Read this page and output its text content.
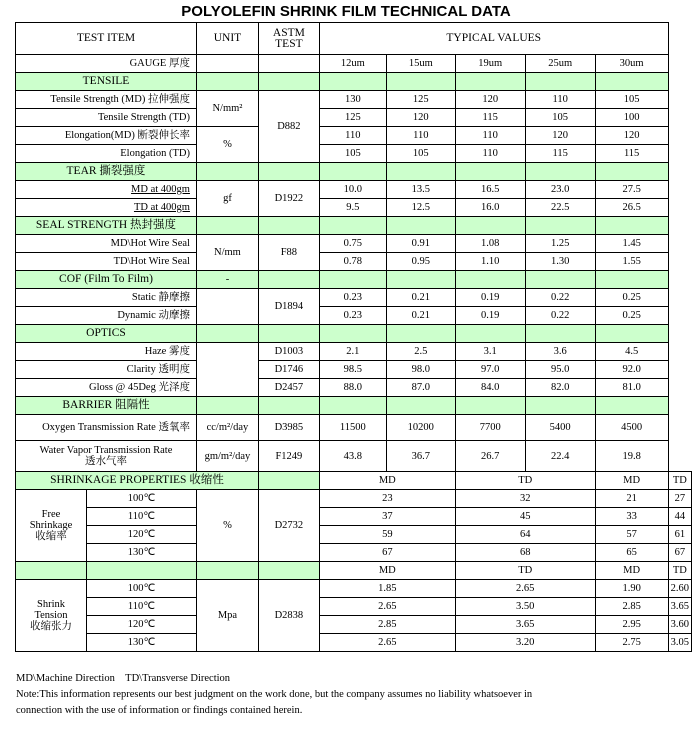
POLYOLEFIN SHRINK FILM TECHNICAL DATA
TEST ITEM		UNIT	ASTM
TEST	TYPICAL VALUES					
GAUGE 厚度				12um	15um	19um	25um	30um	
TENSILE									
Tensile Strength (MD) 拉伸强度		N/mm²	D882	130	125	120	110	105	
Tensile Strength (TD)				125	120	115	105	100	
Elongation(MD) 断裂伸长率		%		110	110	110	120	120	
Elongation (TD)				105	105	110	115	115	
TEAR 撕裂强度									
MD at 400gm		gf	D1922	10.0	13.5	16.5	23.0	27.5	
TD at 400gm				9.5	12.5	16.0	22.5	26.5	
SEAL STRENGTH 热封强度									
MD\Hot Wire Seal		N/mm	F88	0.75	0.91	1.08	1.25	1.45	
TD\Hot Wire Seal				0.78	0.95	1.10	1.30	1.55	
COF (Film To Film)		-							
Static 静摩擦			D1894	0.23	0.21	0.19	0.22	0.25	
Dynamic 动摩擦				0.23	0.21	0.19	0.22	0.25	
OPTICS									
Haze 雾度			D1003	2.1	2.5	3.1	3.6	4.5	
Clarity 透明度			D1746	98.5	98.0	97.0	95.0	92.0	
Gloss @ 45Deg 光泽度			D2457	88.0	87.0	84.0	82.0	81.0	
BARRIER 阻隔性									
Oxygen Transmission Rate 透氧率		cc/m²/day	D3985	11500	10200	7700	5400	4500	
Water Vapor Transmission Rate
透水气率		gm/m²/day	F1249	43.8	36.7	26.7	22.4	19.8	
SHRINKAGE PROPERTIES 收缩性				MD		TD		MD	TD
Free
Shrinkage
收缩率	100℃	%	D2732	23		32		21	27
	110℃			37		45		33	44
	120℃			59		64		57	61
	130℃			67		68		65	67
				MD		TD		MD	TD
Shrink
Tension
收缩张力	100℃	Mpa	D2838	1.85		2.65		1.90	2.60
	110℃			2.65		3.50		2.85	3.65
	120℃			2.85		3.65		2.95	3.60
	130℃			2.65		3.20		2.75	3.05
MD\Machine Direction    TD\Transverse Direction
Note:This information represents our best judgment on the work done, but the company assumes no liability whatsoever in
connection with the use of information or findings contained herein.
